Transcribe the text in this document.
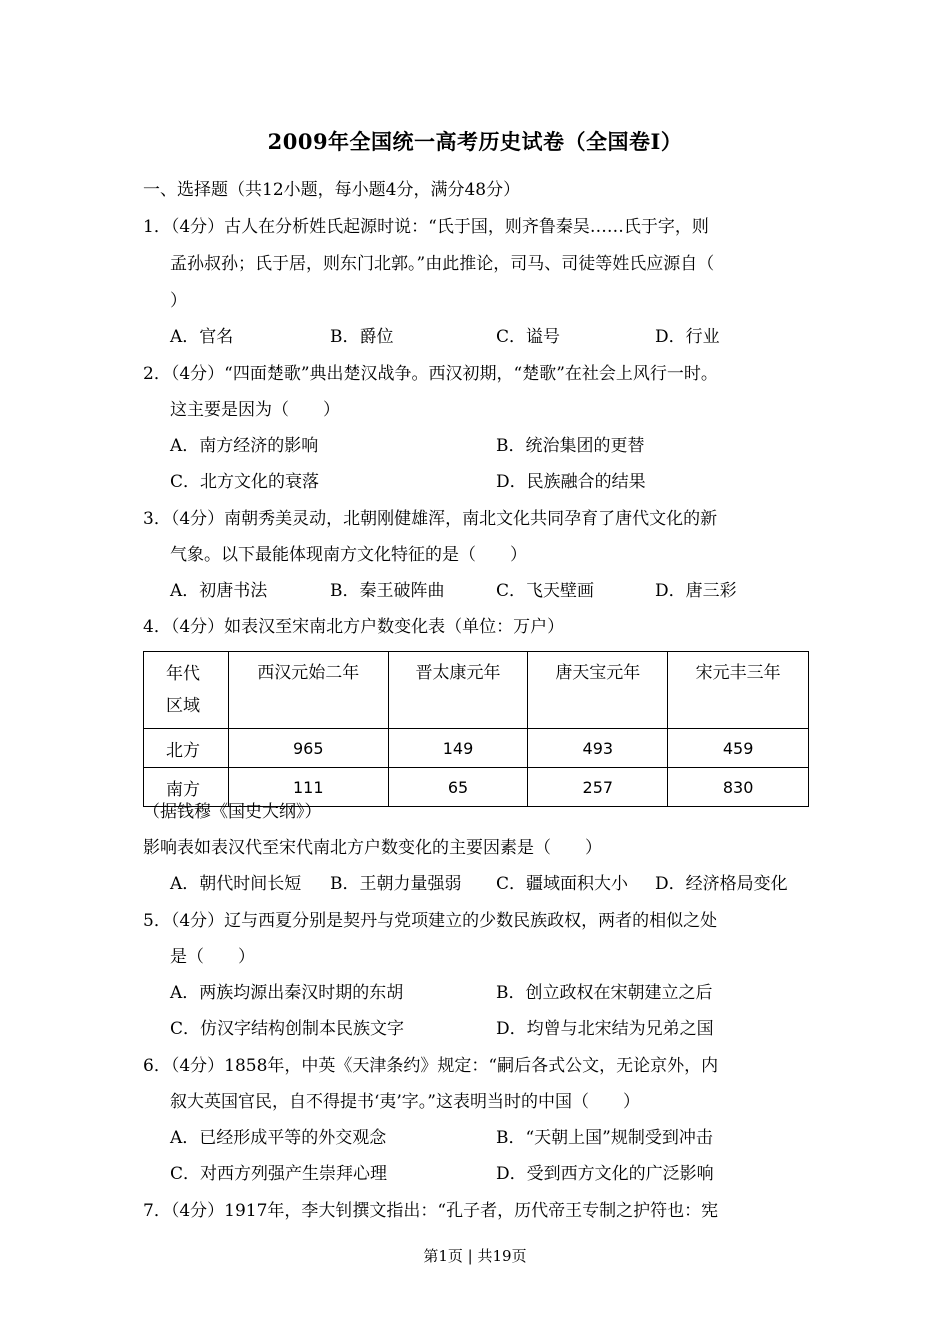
2009年全国统一高考历史试卷（全国卷Ⅰ）
一、选择题（共12小题，每小题4分，满分48分）
1．（4分）古人在分析姓氏起源时说：“氏于国，则齐鲁秦吴……氏于字，则
孟孙叔孙；氏于居，则东门北郭。”由此推论，司马、司徒等姓氏应源自（
）
A．官名	B．爵位	C．谥号	D．行业
2．（4分）“四面楚歌”典出楚汉战争。西汉初期，“楚歌”在社会上风行一时。
这主要是因为（　　）
A．南方经济的影响	B．统治集团的更替
C．北方文化的衰落	D．民族融合的结果
3．（4分）南朝秀美灵动，北朝刚健雄浑，南北文化共同孕育了唐代文化的新
气象。以下最能体现南方文化特征的是（　　）
A．初唐书法	B．秦王破阵曲	C．飞天壁画	D．唐三彩
4．（4分）如表汉至宋南北方户数变化表（单位：万户）
年代
区域	西汉元始二年	晋太康元年	唐天宝元年	宋元丰三年
北方	965	149	493	459
南方	111	65	257	830
（据钱穆《国史大纲》）
影响表如表汉代至宋代南北方户数变化的主要因素是（　　）
A．朝代时间长短 B．王朝力量强弱 C．疆域面积大小 D．经济格局变化
5．（4分）辽与西夏分别是契丹与党项建立的少数民族政权，两者的相似之处
是（　　）
A．两族均源出秦汉时期的东胡	B．创立政权在宋朝建立之后
C．仿汉字结构创制本民族文字	D．均曾与北宋结为兄弟之国
6．（4分）1858年，中英《天津条约》规定：“嗣后各式公文，无论京外，内
叙大英国官民，自不得提书‘夷’字。”这表明当时的中国（　　）
A．已经形成平等的外交观念	B．“天朝上国”规制受到冲击
C．对西方列强产生崇拜心理	D．受到西方文化的广泛影响
7．（4分）1917年，李大钊撰文指出：“孔子者，历代帝王专制之护符也：宪
第1页 | 共19页
